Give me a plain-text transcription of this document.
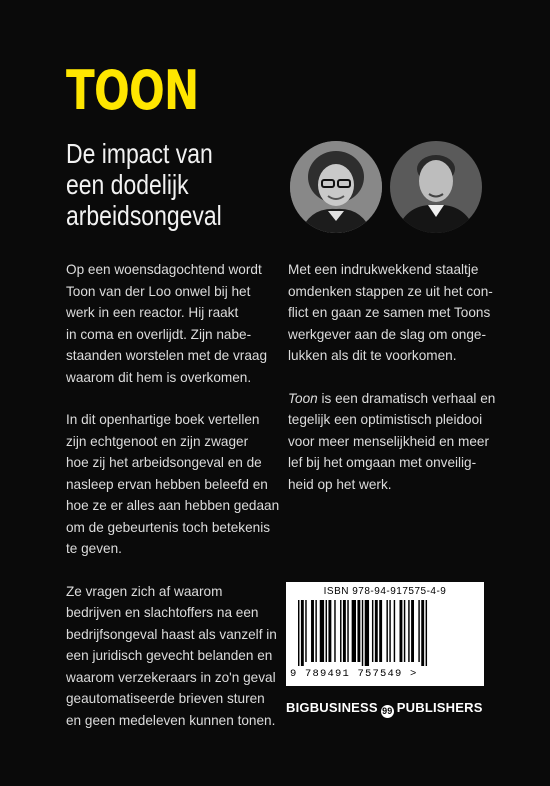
TOON
De impact van
een dodelijk
arbeidsongeval

Op een woensdagochtend wordt
Toon van der Loo onwel bij het
werk in een reactor. Hij raakt
in coma en overlijdt. Zijn nabe-
staanden worstelen met de vraag
waarom dit hem is overkomen.

In dit openhartige boek vertellen
zijn echtgenoot en zijn zwager
hoe zij het arbeidsongeval en de
nasleep ervan hebben beleefd en
hoe ze er alles aan hebben gedaan
om de gebeurtenis toch betekenis
te geven.

Ze vragen zich af waarom
bedrijven en slachtoffers na een
bedrijfsongeval haast als vanzelf in
een juridisch gevecht belanden en
waarom verzekeraars in zo'n geval
geautomatiseerde brieven sturen
en geen medeleven kunnen tonen.

Met een indrukwekkend staaltje
omdenken stappen ze uit het con-
flict en gaan ze samen met Toons
werkgever aan de slag om onge-
lukken als dit te voorkomen.

Toon is een dramatisch verhaal en
tegelijk een optimistisch pleidooi
voor meer menselijkheid en meer
lef bij het omgaan met onveilig-
heid op het werk.

ISBN 978-94-917575-4-9
9 789491 757549 >
BIGBUSINESS 99 PUBLISHERS
